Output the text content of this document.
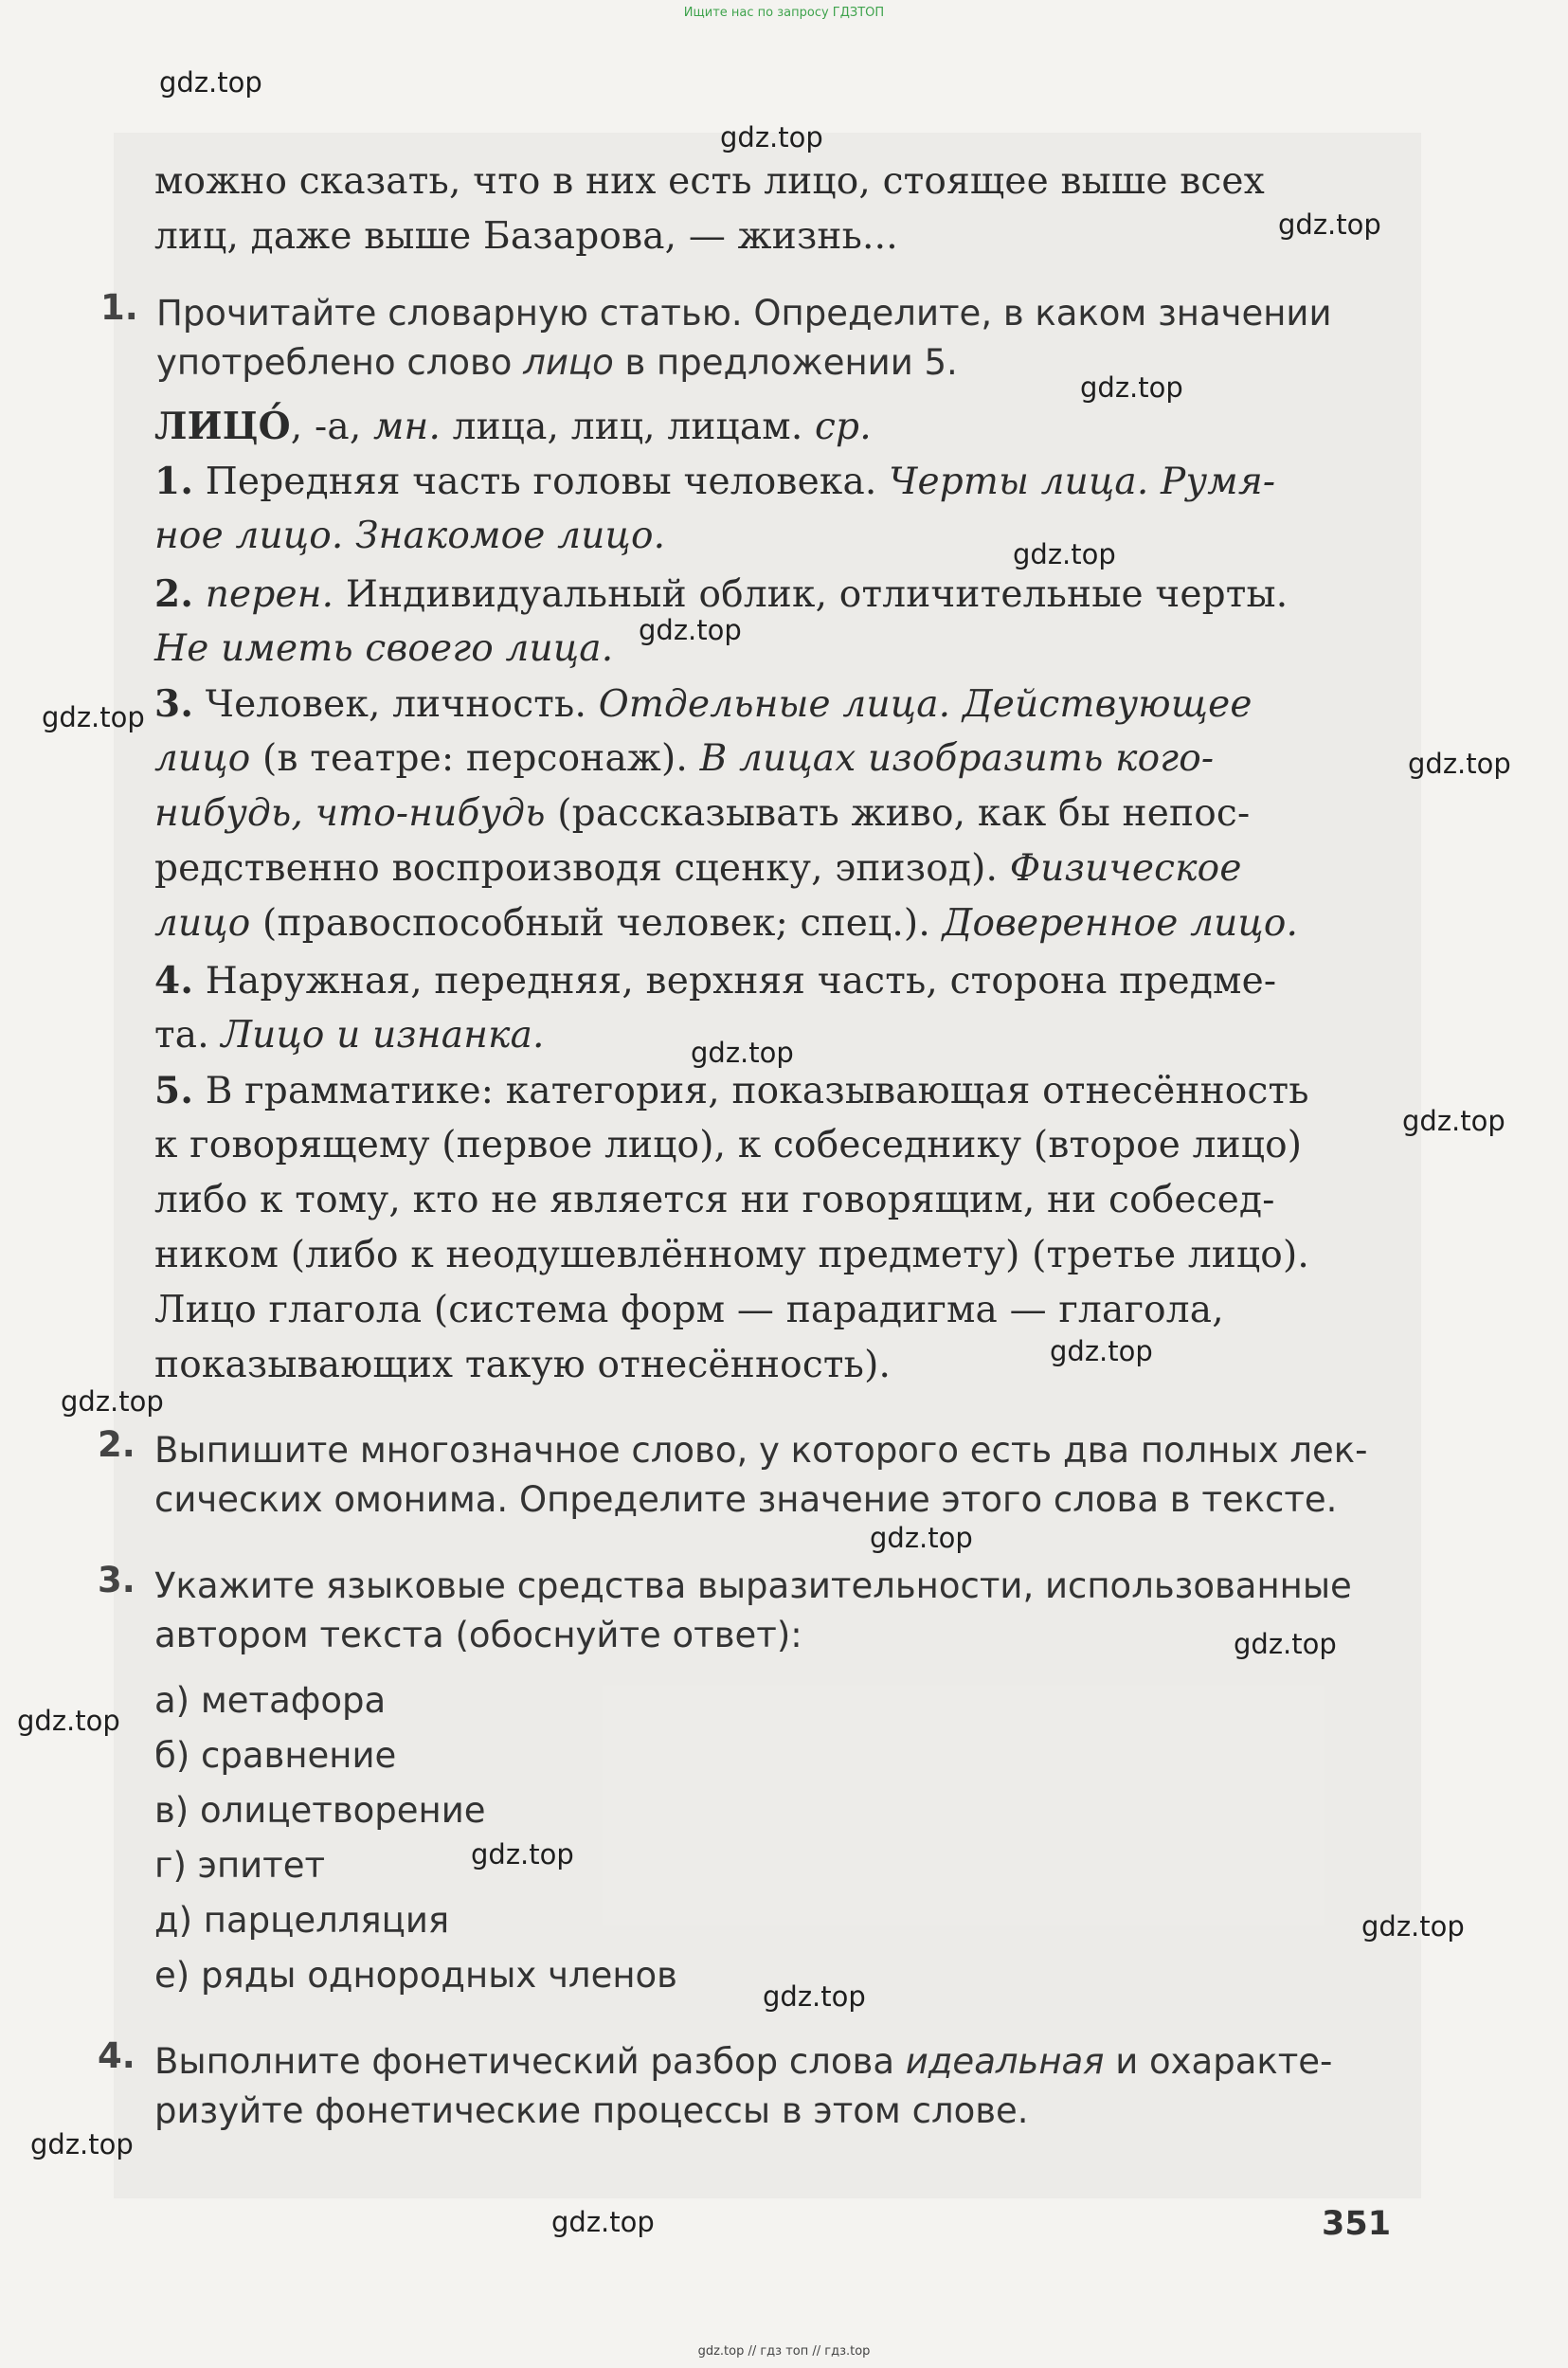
Ищите нас по запросу ГДЗТОП
gdz.top
gdz.top
gdz.top
gdz.top
gdz.top
gdz.top
gdz.top
gdz.top
gdz.top
gdz.top
gdz.top
gdz.top
gdz.top
gdz.top
gdz.top
gdz.top
gdz.top
gdz.top
gdz.top
gdz.top
можно сказать, что в них есть лицо, стоящее выше всех
лиц, даже выше Базарова, — жизнь...
1. Прочитайте словарную статью. Определите, в каком значении
употреблено слово лицо в предложении 5.
ЛИЦО́, -а, мн. лица, лиц, лицам. ср.
1. Передняя часть головы человека. Черты лица. Румя-
ное лицо. Знакомое лицо.
2. перен. Индивидуальный облик, отличительные черты.
Не иметь своего лица.
3. Человек, личность. Отдельные лица. Действующее
лицо (в театре: персонаж). В лицах изобразить кого-
нибудь, что-нибудь (рассказывать живо, как бы непос-
редственно воспроизводя сценку, эпизод). Физическое
лицо (правоспособный человек; спец.). Доверенное лицо.
4. Наружная, передняя, верхняя часть, сторона предме-
та. Лицо и изнанка.
5. В грамматике: категория, показывающая отнесённость
к говорящему (первое лицо), к собеседнику (второе лицо)
либо к тому, кто не является ни говорящим, ни собесед-
ником (либо к неодушевлённому предмету) (третье лицо).
Лицо глагола (система форм — парадигма — глагола,
показывающих такую отнесённость).
2. Выпишите многозначное слово, у которого есть два полных лек-
сических омонима. Определите значение этого слова в тексте.
3. Укажите языковые средства выразительности, использованные
автором текста (обоснуйте ответ):
а) метафора
б) сравнение
в) олицетворение
г) эпитет
д) парцелляция
е) ряды однородных членов
4. Выполните фонетический разбор слова идеальная и охаракте-
ризуйте фонетические процессы в этом слове.
351
gdz.top // гдз топ // гдз.top
